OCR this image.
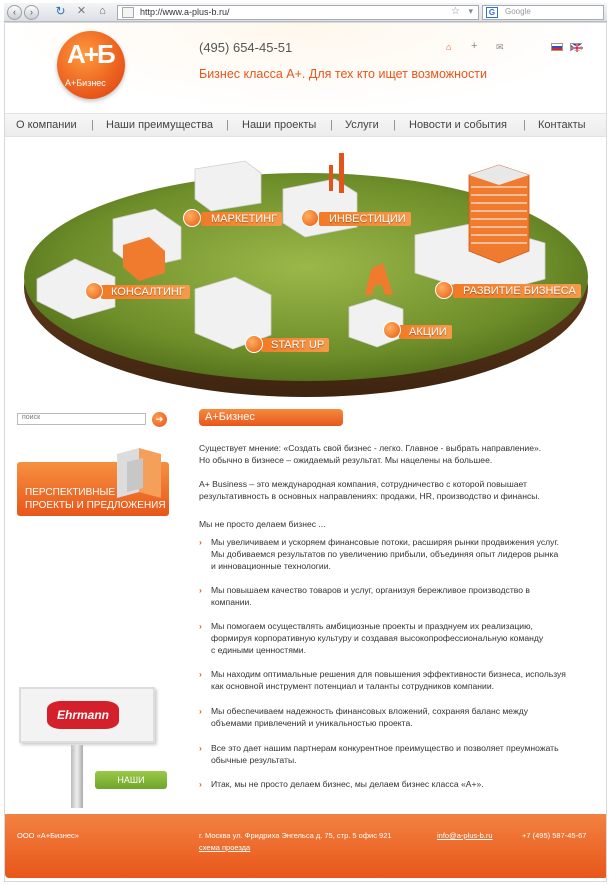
‹	›	↻ ✕	⌂	http://www.a-plus-b.ru/	☆ ▾	G	Google
А+Б
А+Бизнес
(495) 654-45-51
Бизнес класса А+. Для тех кто ищет возможности
⌂ + ✉
О компании | Наши преимущества | Наши проекты | Услуги | Новости и события | Контакты
МАРКЕТИНГ	ИНВЕСТИЦИИ
КОНСАЛТИНГ	РАЗВИТИЕ БИЗНЕСА
START UP
АКЦИИ
поиск	➔
ПЕРСПЕКТИВНЫЕ
ПРОЕКТЫ И ПРЕДЛОЖЕНИЯ
Ehrmann
НАШИ ПРОЕКТЫ
А+Бизнес
Существует мнение: «Создать свой бизнес - легко. Главное - выбрать направление».
Но обычно в бизнесе – ожидаемый результат. Мы нацелены на большее.
А+ Business – это международная компания, сотрудничество с которой повышает
результативность в основных направлениях: продажи, HR, производство и финансы.
Мы не просто делаем бизнес ...
› Мы увеличиваем и ускоряем финансовые потоки, расширяя рынки продвижения услуг.
Мы добиваемся результатов по увеличению прибыли, объединяя опыт лидеров рынка
и инновационные технологии.
› Мы повышаем качество товаров и услуг, организуя бережливое производство в
компании.
› Мы помогаем осуществлять амбициозные проекты и празднуем их реализацию,
формируя корпоративную культуру и создавая высокопрофессиональную команду
с едиными ценностями.
› Мы находим оптимальные решения для повышения эффективности бизнеса, используя
как основной инструмент потенциал и таланты сотрудников компании.
› Мы обеспечиваем надежность финансовых вложений, сохраняя баланс между
объемами привлечений и уникальностью проекта.
› Все это дает нашим партнерам конкурентное преимущество и позволяет преумножать
обычные результаты.
› Итак, мы не просто делаем бизнес, мы делаем бизнес класса «А+».
ООО «А+Бизнес»	г. Москва ул. Фридриха Энгельса д. 75, стр. 5 офис 921
схема проезда
info@a-plus-b.ru	+7 (495) 587-45-67
